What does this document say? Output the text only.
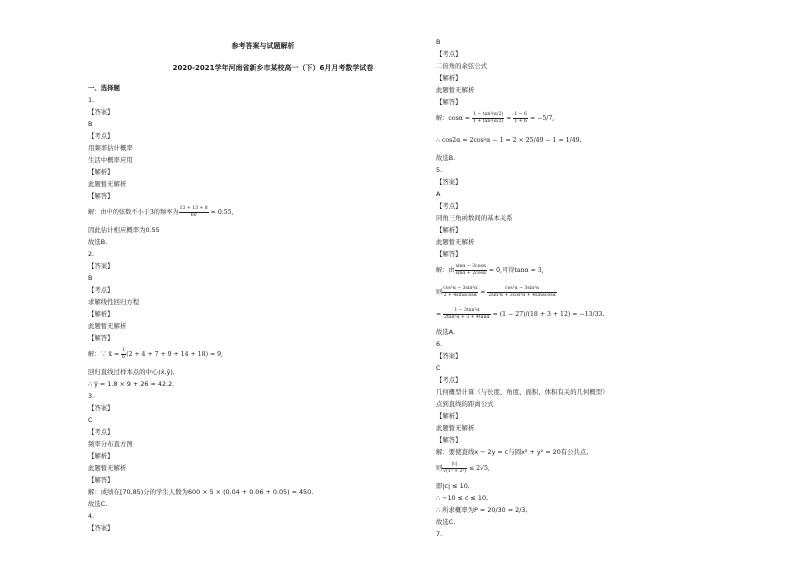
参考答案与试题解析
2020-2021学年河南省新乡市某校高一（下）6月月考数学试卷
一、选择题
1.
【答案】
B
【考点】
用频率估计概率
生活中概率应用
【解析】
此题暂无解析
【解答】
解：由中的弦数不小于3的频率为 $\frac{13 + 13 + 8}{60} = 0.55$,
因此估计相应概率为0.55
故选B.
2.
【答案】
B
【考点】
求解线性回归方程
【解析】
此题暂无解析
【解答】
解：∵ x̄ = $\frac{1}{6} (2 + 4 + 7 + 9 + 14 + 18) = 9$,
回归直线过样本点的中心(x̄,ȳ),
∴ ŷ = 1.8 × 9 + 26 = 42.2.
3.
【答案】
C
【考点】
频率分布直方图
【解析】
此题暂无解析
【解答】
解：成绩在[70,85)分的学生人数为600 × 5 × (0.04 + 0.06 + 0.05) = 450.
故选C.
4.
【答案】
B
【考点】
二倍角的余弦公式
【解析】
此题暂无解析
【解答】
解：$\cos\alpha = \frac{\text{1 − tan²(α/2)}}{\text{1 + tan²(α/2)}} = \frac{1 - 6}{1 + 6} = -5/7$,
∴ cos2α = 2cos²α − 1 = 2 × 25/49 − 1 = 1/49.
故选B.
5.
【答案】
A
【考点】
同角三角函数间的基本关系
【解析】
此题暂无解析
【解答】
解：由 $\frac{\sin\alpha - 3\cos\alpha}{\sin\alpha + 2\cos\alpha} = 0$,可得tanα = 3,
则 $\frac{\text{cos²α − 3sin²α}}{2 + 4\sin\alpha\cos\alpha} = \frac{\text{cos²α − 3sin²α}}{\text{2sin²α + 3cos²α + 4sinαcosα}}$
= $\frac{\text{1 − 3tan²α}}{\text{2tan²α + 3 + 4tanα}} = (1 - 27)/(18 + 3 + 12) = -13/33$.
故选A.
6.
【答案】
C
【考点】
几何概型计算（与长度、角度、面积、体积有关的几何概型）
点到直线的距离公式
【解析】
此题暂无解析
【解答】
解：要使直线x − 2y = c与圆x² + y² = 20有公共点,
则 $\frac{|c|}{\text{√(1² + 2²)}} \le 2√5$,
即|c| ≤ 10,
∴ −10 ≤ c ≤ 10,
∴ 所求概率为P = 20/30 = 2/3,
故选C.
7.
